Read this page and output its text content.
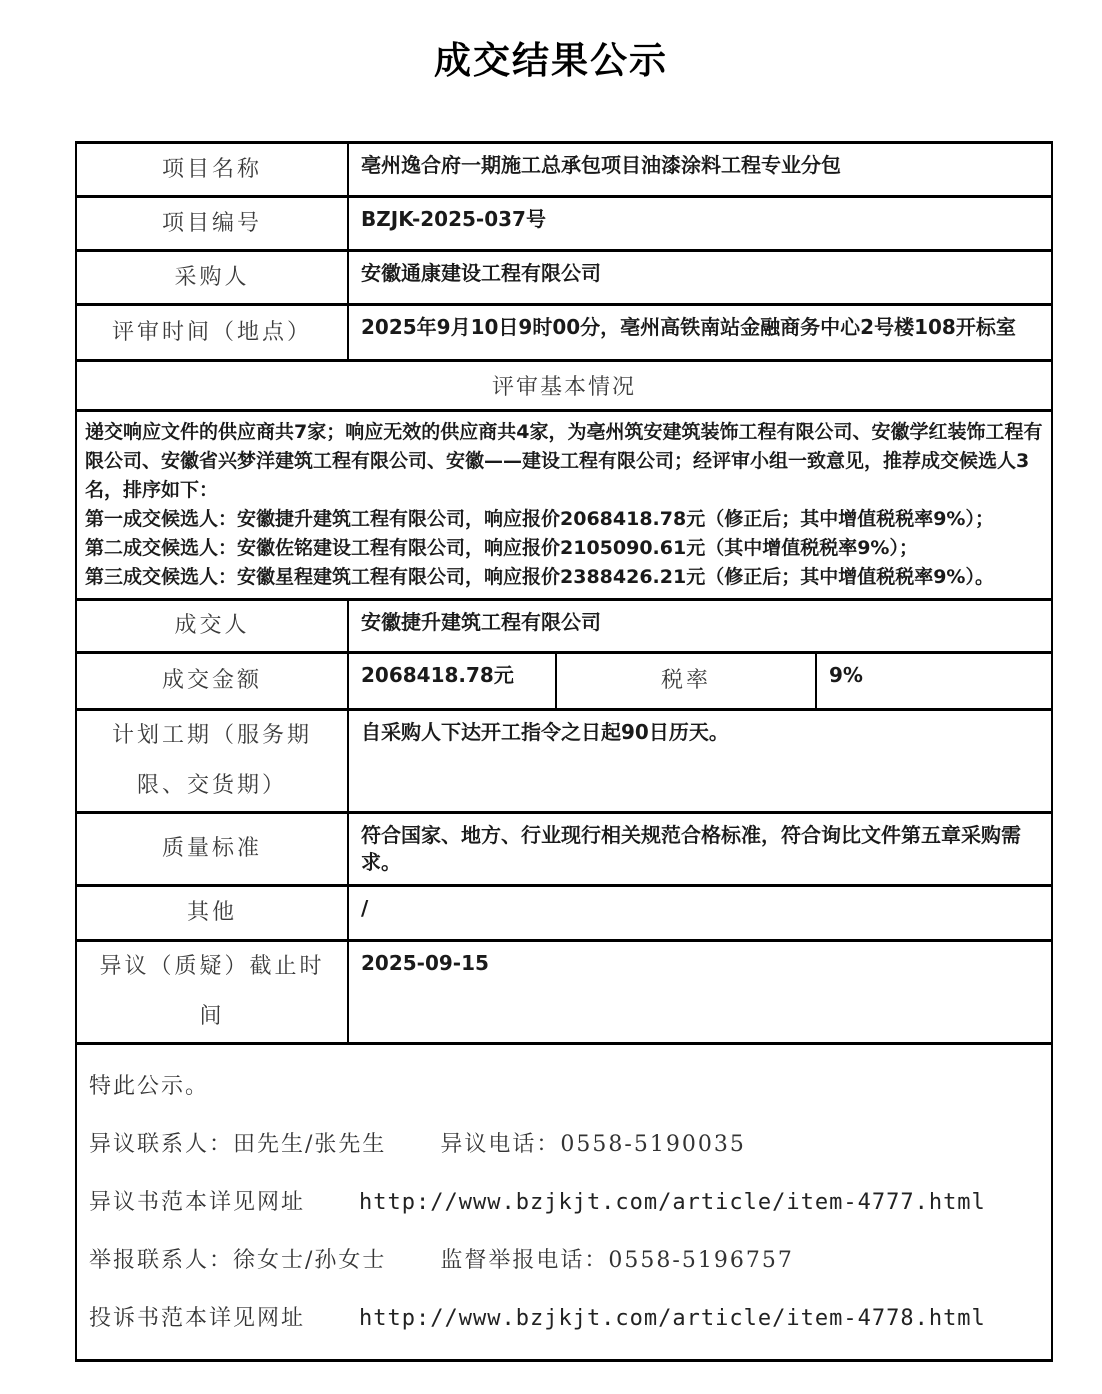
成交结果公示
项目名称	亳州逸合府一期施工总承包项目油漆涂料工程专业分包		
项目编号	BZJK-2025-037号		
采购人	安徽通康建设工程有限公司		
评审时间（地点）	2025年9月10日9时00分，亳州高铁南站金融商务中心2号楼108开标室		
评审基本情况			

递交响应文件的供应商共7家；响应无效的供应商共4家，为亳州筑安建筑装饰工程有限公司、安徽学红装饰工程有限公司、安徽省兴梦洋建筑工程有限公司、安徽——建设工程有限公司；经评审小组一致意见，推荐成交候选人3名，排序如下：
第一成交候选人：安徽捷升建筑工程有限公司，响应报价2068418.78元（修正后；其中增值税税率9%）；
第二成交候选人：安徽佐铭建设工程有限公司，响应报价2105090.61元（其中增值税税率9%）；
第三成交候选人：安徽星程建筑工程有限公司，响应报价2388426.21元（修正后；其中增值税税率9%）。			

成交人	安徽捷升建筑工程有限公司		
成交金额	2068418.78元	税率	9%
计划工期（服务期限、交货期）	自采购人下达开工指令之日起90日历天。		
质量标准	符合国家、地方、行业现行相关规范合格标准，符合询比文件第五章采购需求。		
其他	/		
异议（质疑）截止时间	2025-09-15		

特此公示。
异议联系人：田先生/张先生 异议电话：0558-5190035
异议书范本详见网址 http://www.bzjkjt.com/article/item-4777.html
举报联系人：徐女士/孙女士 监督举报电话：0558-5196757
投诉书范本详见网址 http://www.bzjkjt.com/article/item-4778.html
